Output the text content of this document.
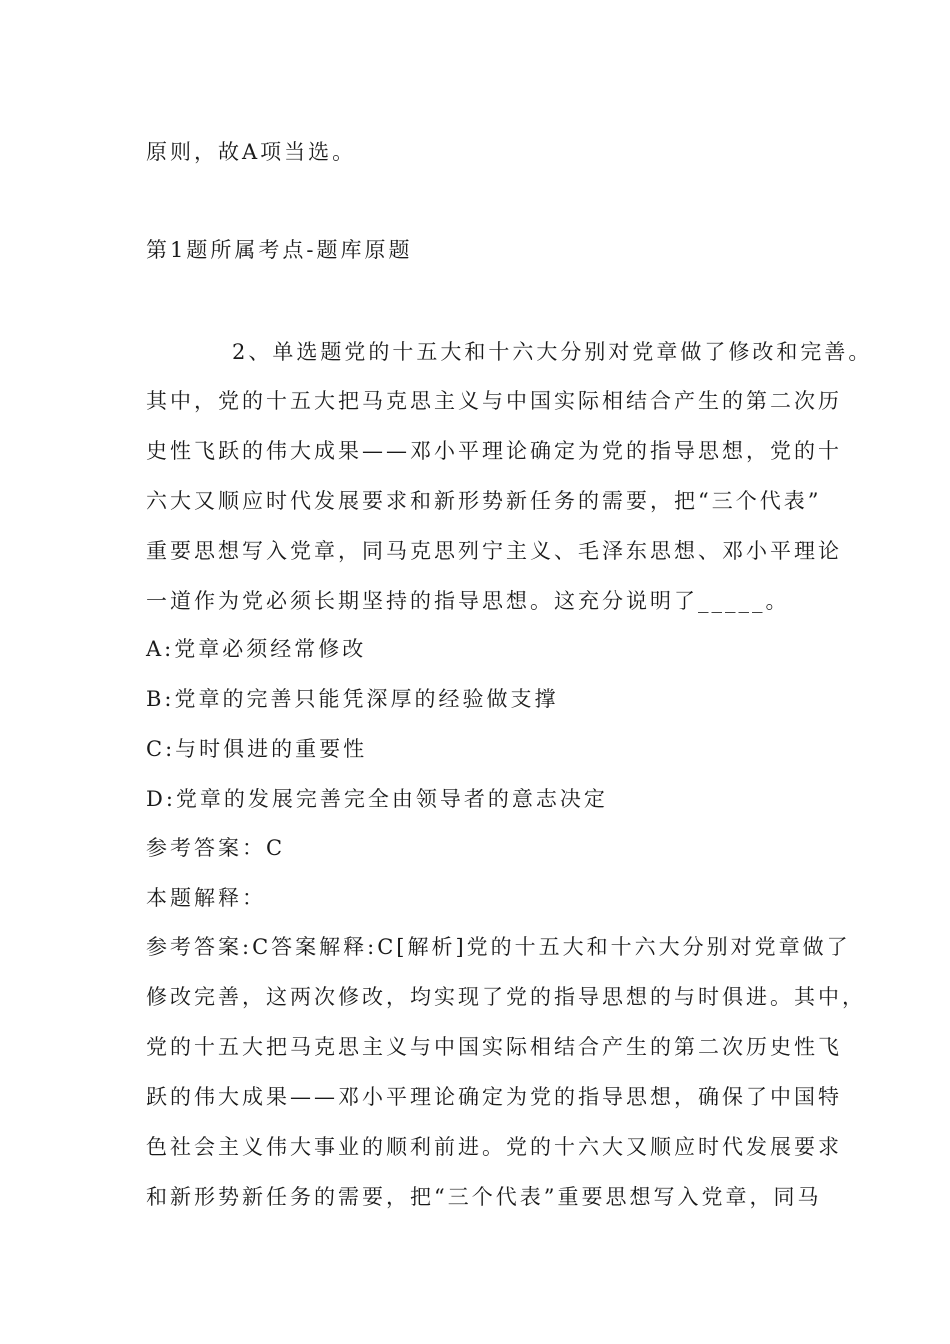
原则，故A项当选。
第1题所属考点-题库原题
2、单选题党的十五大和十六大分别对党章做了修改和完善。
其中，党的十五大把马克思主义与中国实际相结合产生的第二次历
史性飞跃的伟大成果——邓小平理论确定为党的指导思想，党的十
六大又顺应时代发展要求和新形势新任务的需要，把“三个代表”
重要思想写入党章，同马克思列宁主义、毛泽东思想、邓小平理论
一道作为党必须长期坚持的指导思想。这充分说明了_____。
A:党章必须经常修改
B:党章的完善只能凭深厚的经验做支撑
C:与时俱进的重要性
D:党章的发展完善完全由领导者的意志决定
参考答案：C
本题解释：
参考答案:C答案解释:C[解析]党的十五大和十六大分别对党章做了
修改完善，这两次修改，均实现了党的指导思想的与时俱进。其中，
党的十五大把马克思主义与中国实际相结合产生的第二次历史性飞
跃的伟大成果——邓小平理论确定为党的指导思想，确保了中国特
色社会主义伟大事业的顺利前进。党的十六大又顺应时代发展要求
和新形势新任务的需要，把“三个代表”重要思想写入党章，同马
